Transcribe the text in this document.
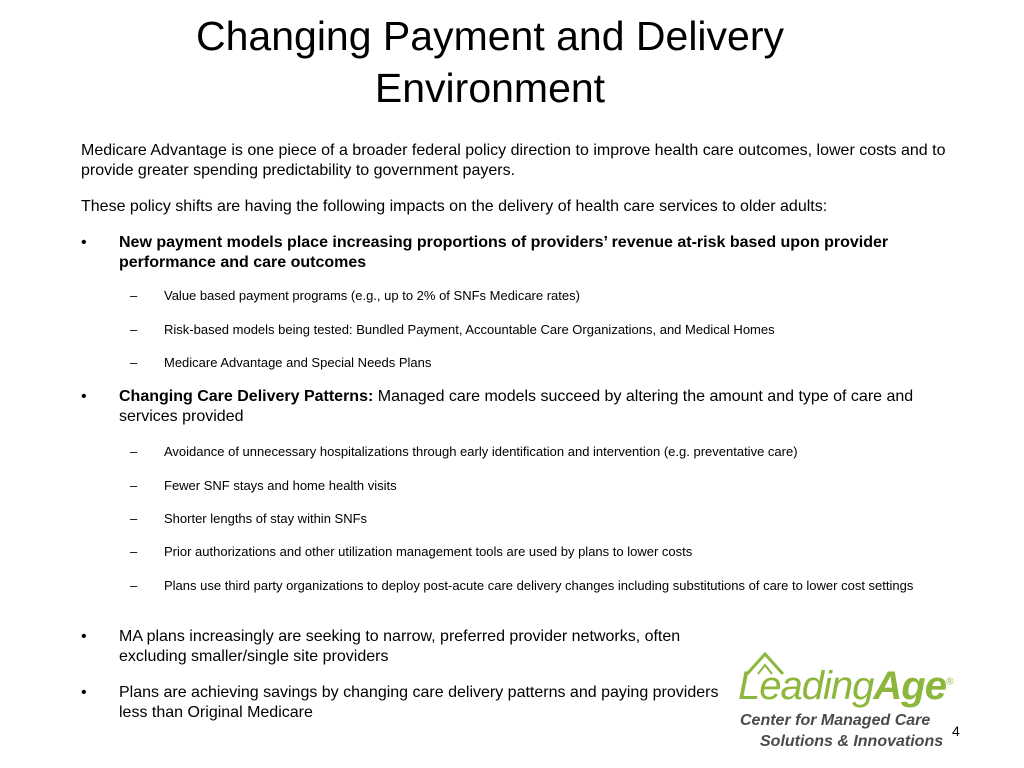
Changing Payment and Delivery Environment

Medicare Advantage is one piece of a broader federal policy direction to improve health care outcomes, lower costs and to provide greater spending predictability to government payers.

These policy shifts are having the following impacts on the delivery of health care services to older adults:

• New payment models place increasing proportions of providers’ revenue at-risk based upon provider performance and care outcomes
– Value based payment programs (e.g., up to 2% of SNFs Medicare rates)
– Risk-based models being tested: Bundled Payment, Accountable Care Organizations, and Medical Homes
– Medicare Advantage and Special Needs Plans
• Changing Care Delivery Patterns: Managed care models succeed by altering the amount and type of care and services provided
– Avoidance of unnecessary hospitalizations through early identification and intervention (e.g. preventative care)
– Fewer SNF stays and home health visits
– Shorter lengths of stay within SNFs
– Prior authorizations and other utilization management tools are used by plans to lower costs
– Plans use third party organizations to deploy post-acute care delivery changes including substitutions of care to lower cost settings
• MA plans increasingly are seeking to narrow, preferred provider networks, often excluding smaller/single site providers
• Plans are achieving savings by changing care delivery patterns and paying providers less than Original Medicare
LeadingAge®
Center for Managed Care
Solutions & Innovations
4
